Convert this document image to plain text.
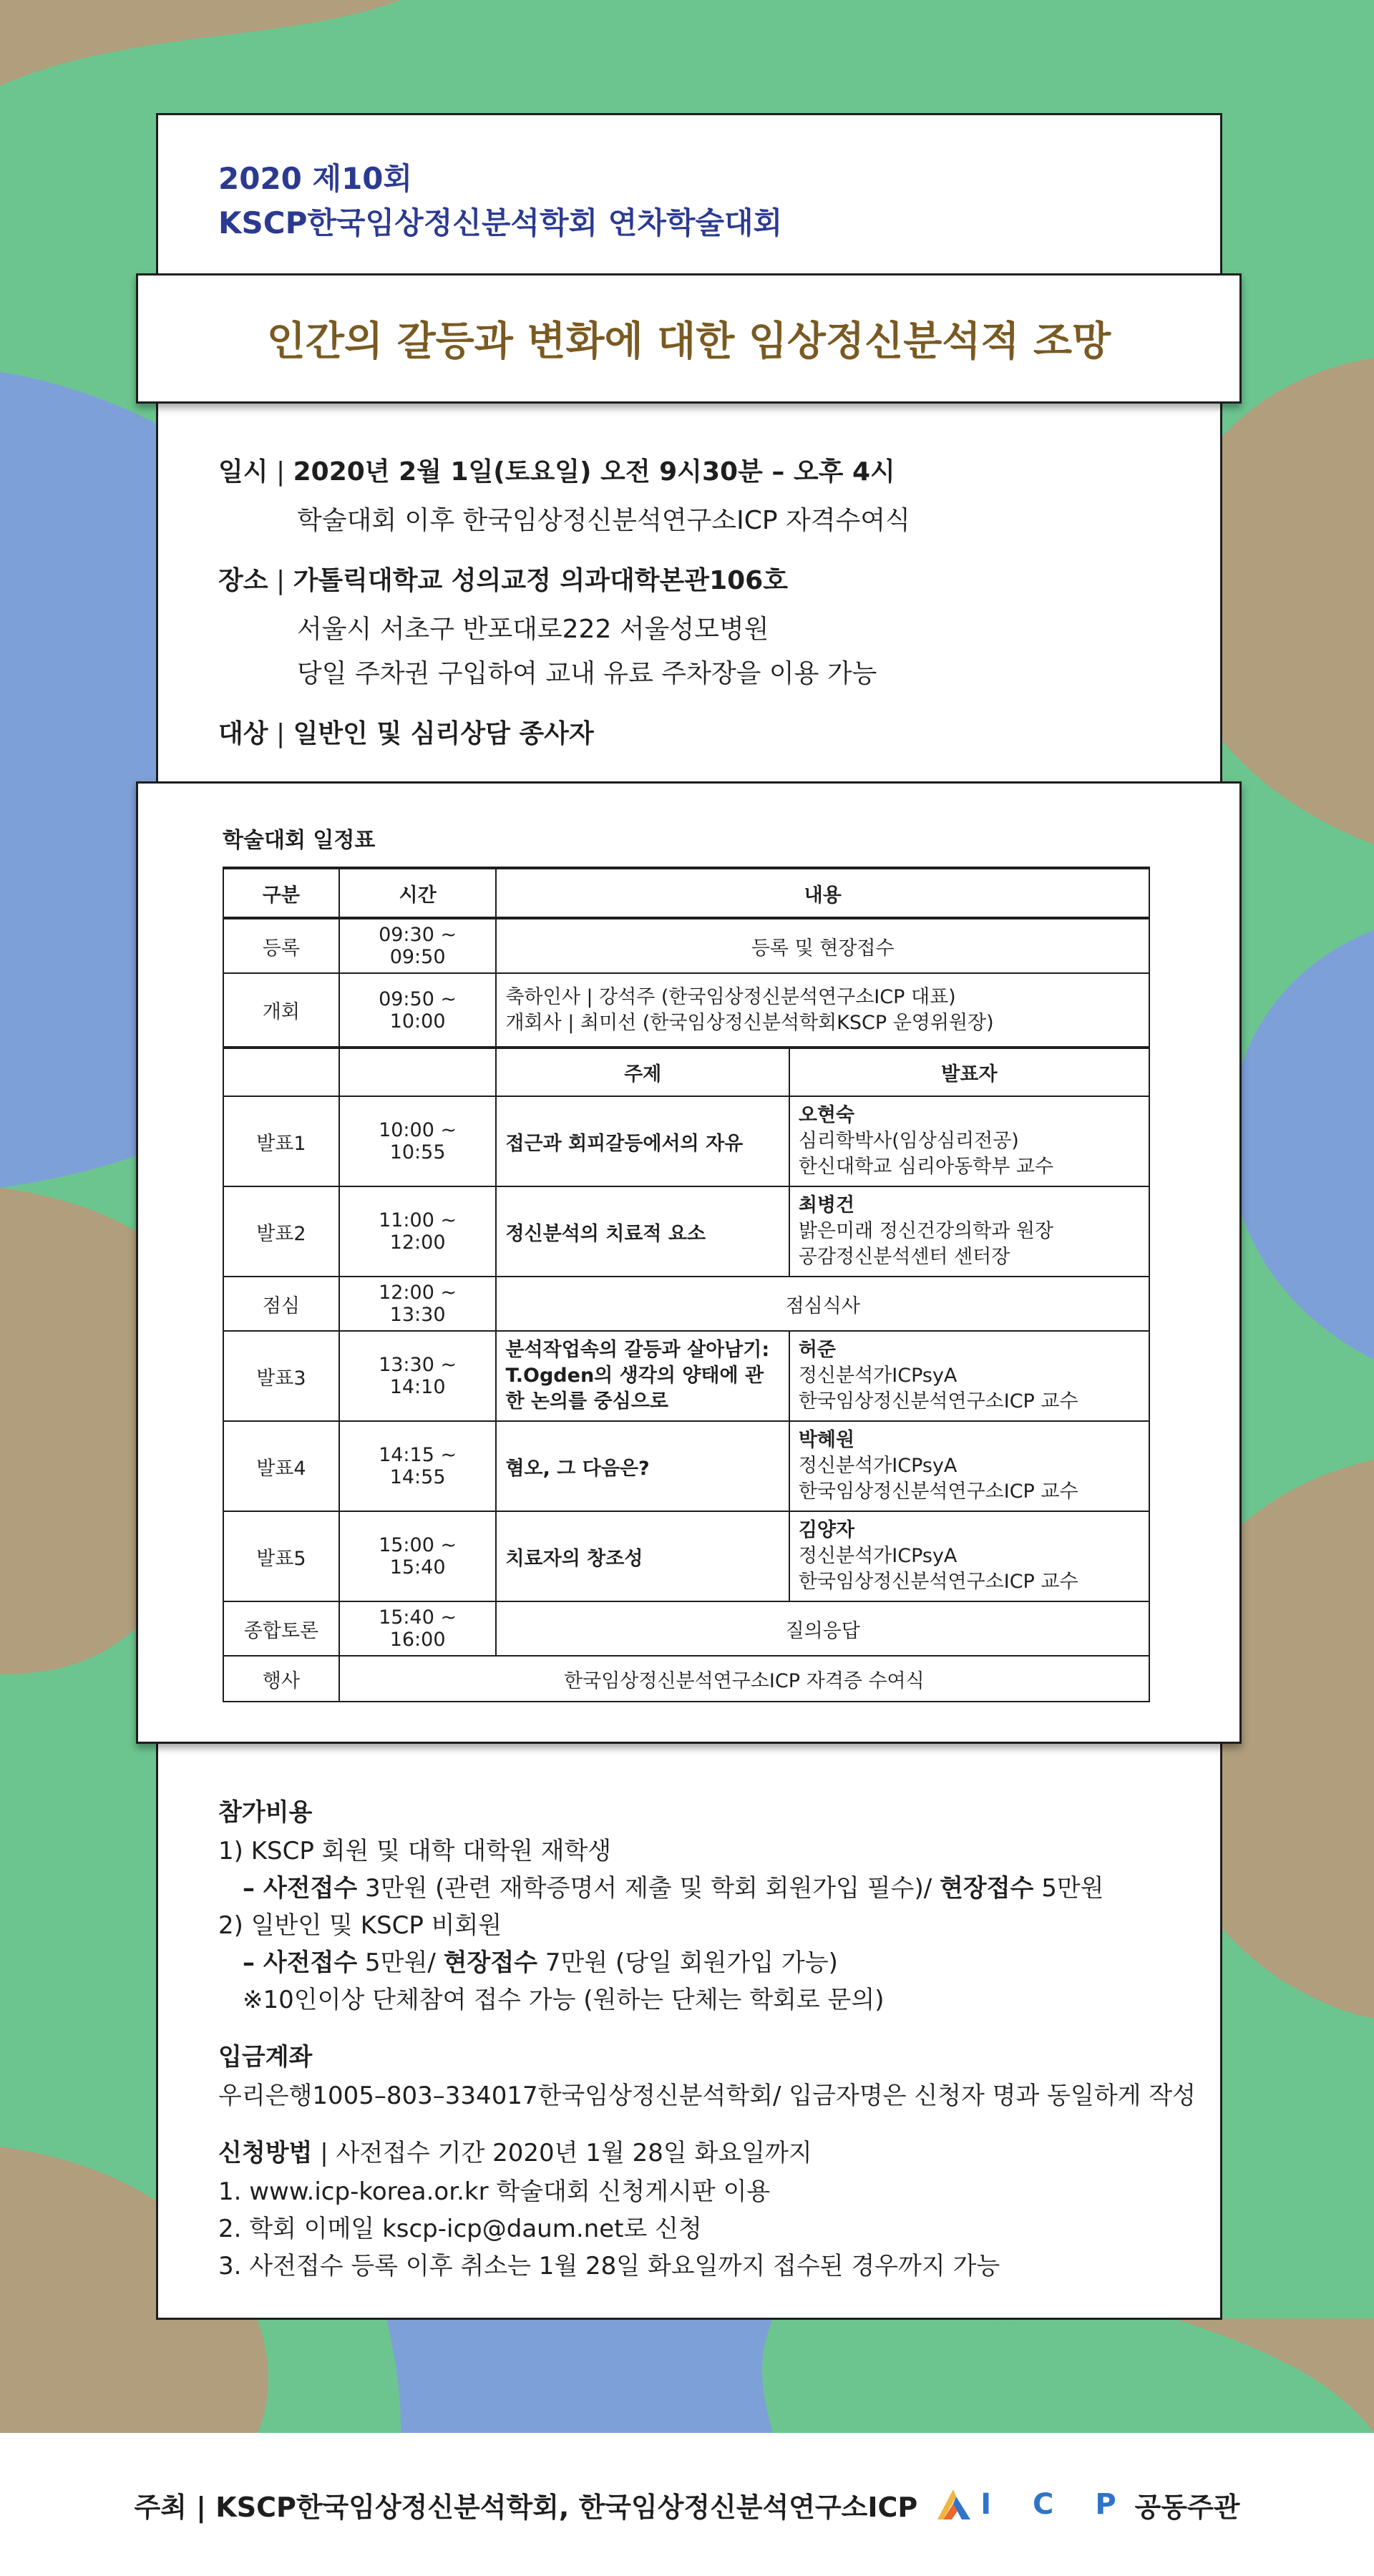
2020 제10회
KSCP한국임상정신분석학회 연차학술대회
일시 | 2020년 2월 1일(토요일) 오전 9시30분 – 오후 4시
학술대회 이후 한국임상정신분석연구소ICP 자격수여식
장소 | 가톨릭대학교 성의교정 의과대학본관106호
서울시 서초구 반포대로222 서울성모병원
당일 주차권 구입하여 교내 유료 주차장을 이용 가능
대상 | 일반인 및 심리상담 종사자
인간의 갈등과 변화에 대한 임상정신분석적 조망
학술대회 일정표
구분	시간	내용	
등록	09:30 ~ 09:50	등록 및 현장접수	
개회	09:50 ~ 10:00	축하인사 | 강석주 (한국임상정신분석연구소ICP 대표)
개회사 | 최미선 (한국임상정신분석학회KSCP 운영위원장)	

		주제	발표자
발표1	10:00 ~ 10:55	접근과 회피갈등에서의 자유	오현숙
심리학박사(임상심리전공)
한신대학교 심리아동학부 교수

발표2	11:00 ~ 12:00	정신분석의 치료적 요소	최병건
밝은미래 정신건강의학과 원장
공감정신분석센터 센터장

점심	12:00 ~ 13:30	점심식사	
발표3	13:30 ~ 14:10	분석작업속의 갈등과 살아남기: T.Ogden의 생각의 양태에 관한 논의를 중심으로	허준
정신분석가ICPsyA
한국임상정신분석연구소ICP 교수

발표4	14:15 ~ 14:55	혐오, 그 다음은?	박혜원
정신분석가ICPsyA
한국임상정신분석연구소ICP 교수

발표5	15:00 ~ 15:40	치료자의 창조성	김양자
정신분석가ICPsyA
한국임상정신분석연구소ICP 교수

종합토론	15:40 ~ 16:00	질의응답	
행사	한국임상정신분석연구소ICP 자격증 수여식		
참가비용
1) KSCP 회원 및 대학 대학원 재학생
– 사전접수 3만원 (관련 재학증명서 제출 및 학회 회원가입 필수)/ 현장접수 5만원
2) 일반인 및 KSCP 비회원
– 사전접수 5만원/ 현장접수 7만원 (당일 회원가입 가능)
※10인이상 단체참여 접수 가능 (원하는 단체는 학회로 문의)
입금계좌
우리은행1005–803–334017한국임상정신분석학회/ 입금자명은 신청자 명과 동일하게 작성
신청방법 | 사전접수 기간 2020년 1월 28일 화요일까지
1. www.icp-korea.or.kr 학술대회 신청게시판 이용
2. 학회 이메일 kscp-icp@daum.net로 신청
3. 사전접수 등록 이후 취소는 1월 28일 화요일까지 접수된 경우까지 가능
주최 | KSCP한국임상정신분석학회, 한국임상정신분석연구소ICP I C P 공동주관
